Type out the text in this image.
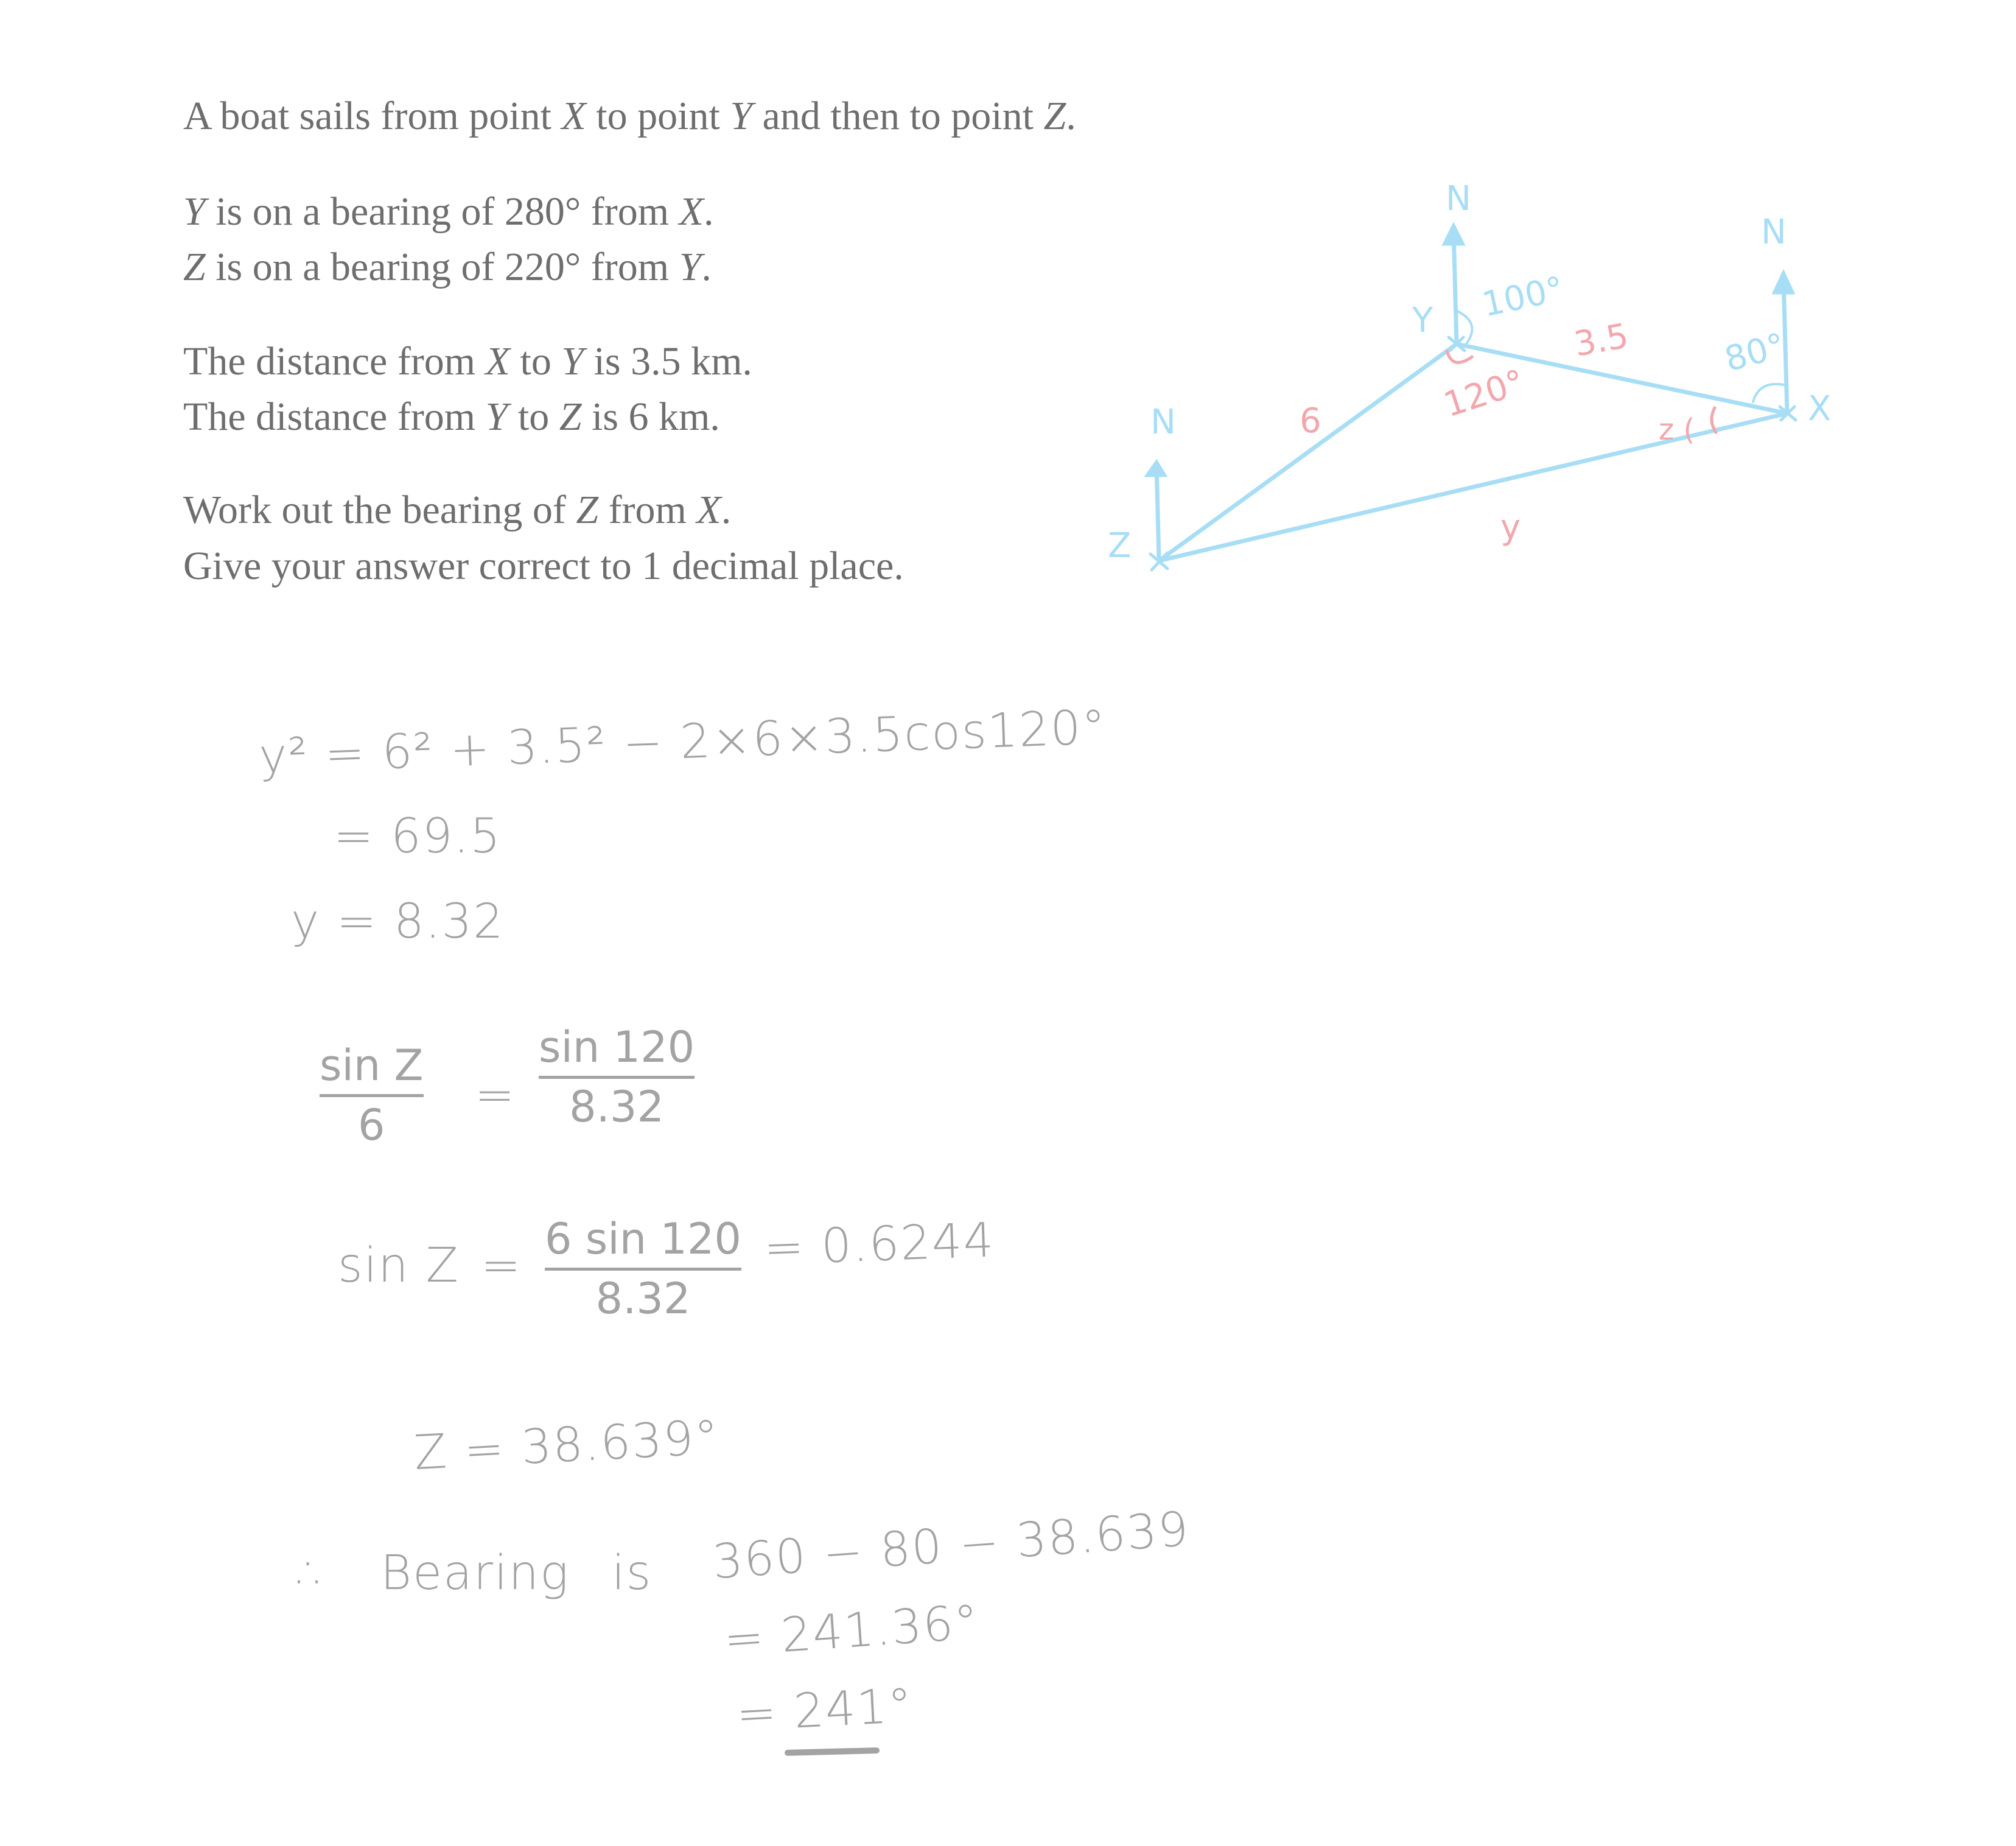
A boat sails from point X to point Y and then to point Z.
Y is on a bearing of 280° from X.
Z is on a bearing of 220° from Y.
The distance from X to Y is 3.5 km.
The distance from Y to Z is 6 km.
Work out the bearing of Z from X.
Give your answer correct to 1 decimal place.
N
N
N
Z
Y
X
100°
80°
3.5
6
y
120°
z (
y² = 6² + 3.5² − 2×6×3.5cos120°
= 69.5
y = 8.32
sin Z
6
=
sin 120
8.32
sin Z = 6 sin 120
8.32
= 0.6244
Z = 38.639°
∴ Bearing is 360 − 80 − 38.639
= 241.36°
= 241°
